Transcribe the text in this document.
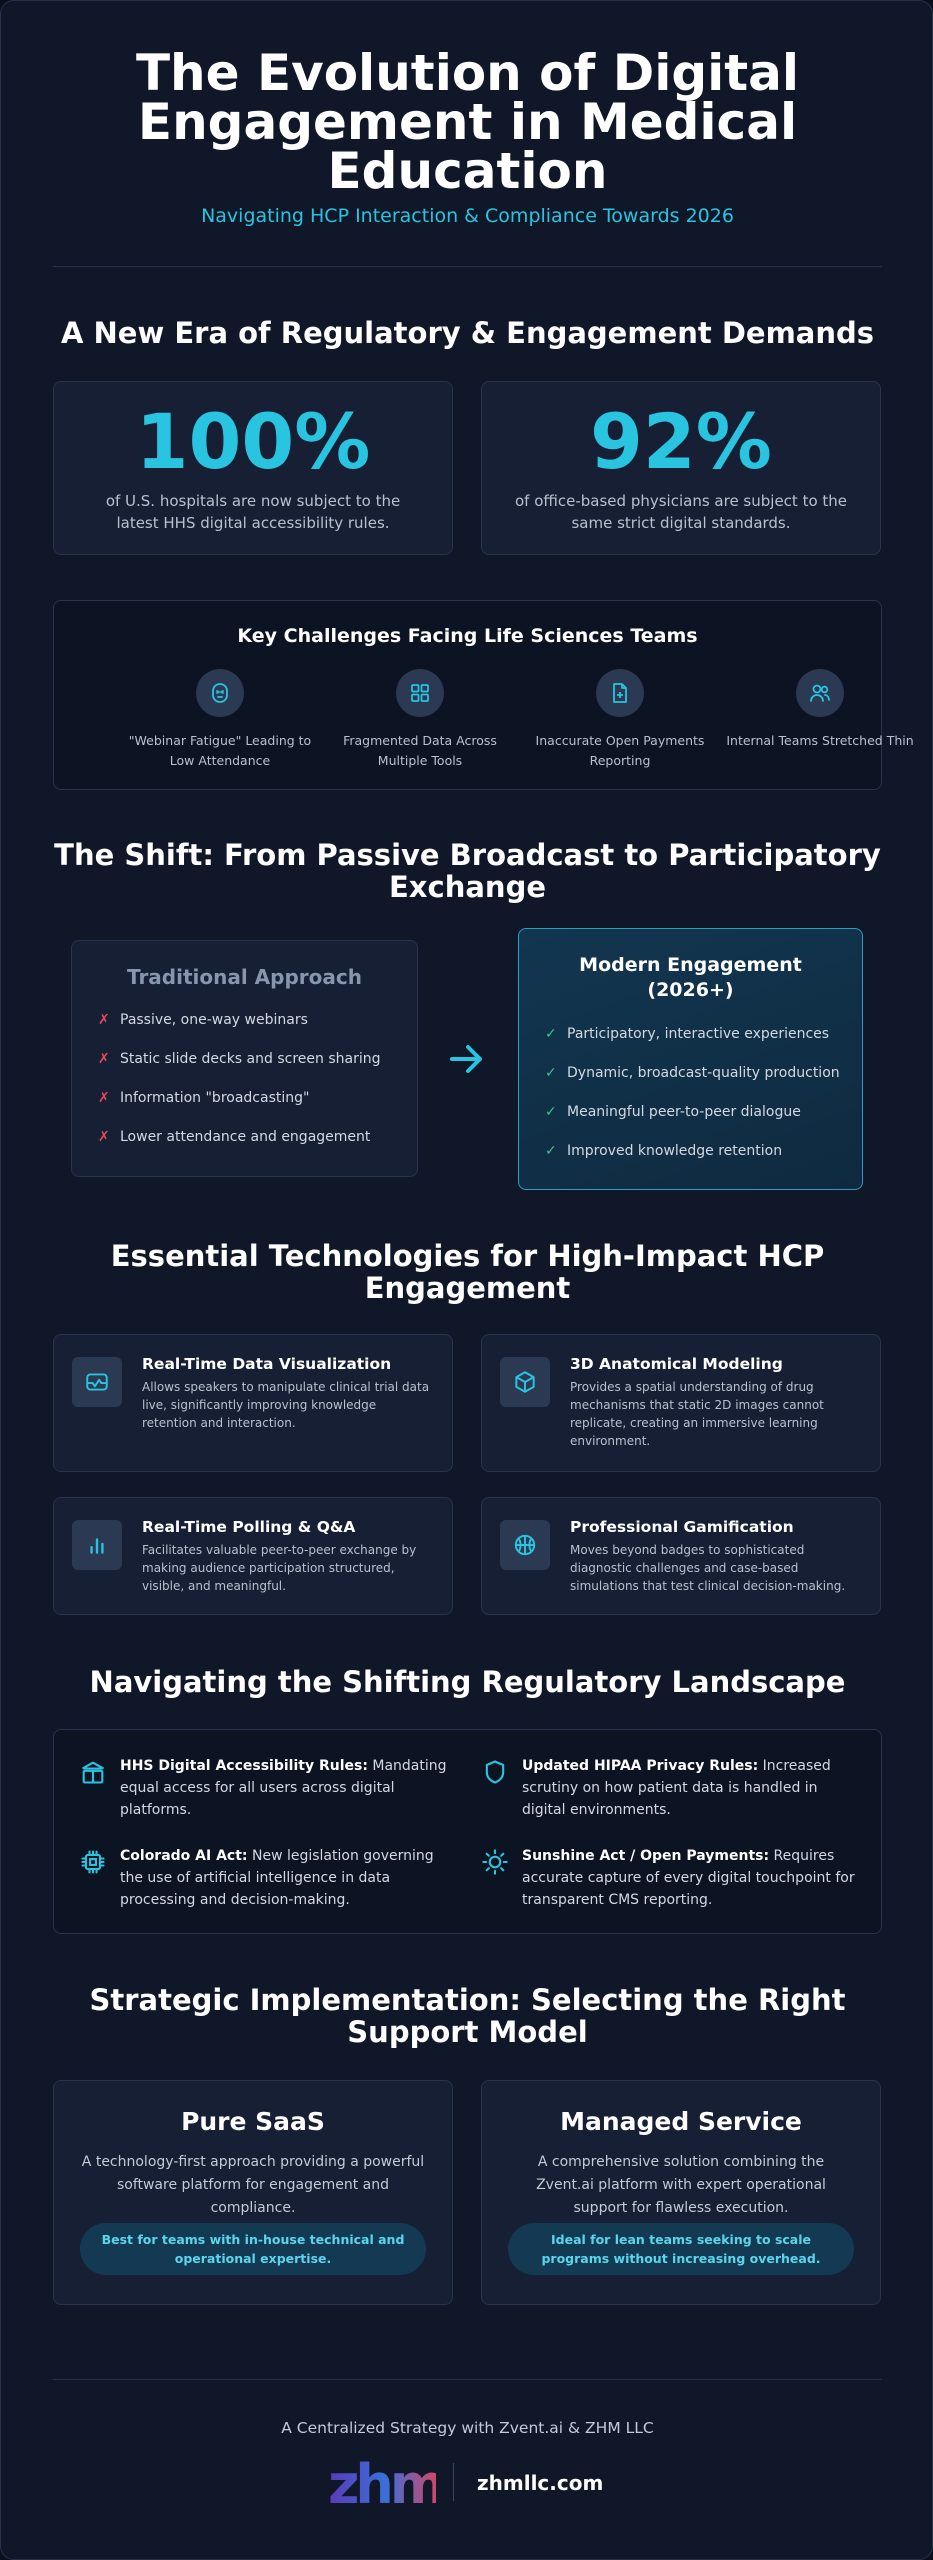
The Evolution of Digital Engagement in Medical Education
Navigating HCP Interaction & Compliance Towards 2026
A New Era of Regulatory & Engagement Demands
100%
of U.S. hospitals are now subject to the latest HHS digital accessibility rules.
92%
of office-based physicians are subject to the same strict digital standards.
Key Challenges Facing Life Sciences Teams
"Webinar Fatigue" Leading to Low Attendance
Fragmented Data Across Multiple Tools
Inaccurate Open Payments Reporting
Internal Teams Stretched Thin
The Shift: From Passive Broadcast to Participatory Exchange
Traditional Approach
✗ Passive, one-way webinars
✗ Static slide decks and screen sharing
✗ Information "broadcasting"
✗ Lower attendance and engagement
Modern Engagement (2026+)
✓ Participatory, interactive experiences
✓ Dynamic, broadcast-quality production
✓ Meaningful peer-to-peer dialogue
✓ Improved knowledge retention
Essential Technologies for High-Impact HCP Engagement
Real-Time Data Visualization
Allows speakers to manipulate clinical trial data live, significantly improving knowledge retention and interaction.
3D Anatomical Modeling
Provides a spatial understanding of drug mechanisms that static 2D images cannot replicate, creating an immersive learning environment.
Real-Time Polling & Q&A
Facilitates valuable peer-to-peer exchange by making audience participation structured, visible, and meaningful.
Professional Gamification
Moves beyond badges to sophisticated diagnostic challenges and case-based simulations that test clinical decision-making.
Navigating the Shifting Regulatory Landscape
HHS Digital Accessibility Rules: Mandating equal access for all users across digital platforms.
Updated HIPAA Privacy Rules: Increased scrutiny on how patient data is handled in digital environments.
Colorado AI Act: New legislation governing the use of artificial intelligence in data processing and decision-making.
Sunshine Act / Open Payments: Requires accurate capture of every digital touchpoint for transparent CMS reporting.
Strategic Implementation: Selecting the Right Support Model
Pure SaaS
A technology-first approach providing a powerful software platform for engagement and compliance.
Best for teams with in-house technical and operational expertise.
Managed Service
A comprehensive solution combining the Zvent.ai platform with expert operational support for flawless execution.
Ideal for lean teams seeking to scale programs without increasing overhead.
A Centralized Strategy with Zvent.ai & ZHM LLC
zhm zhmllc.com
